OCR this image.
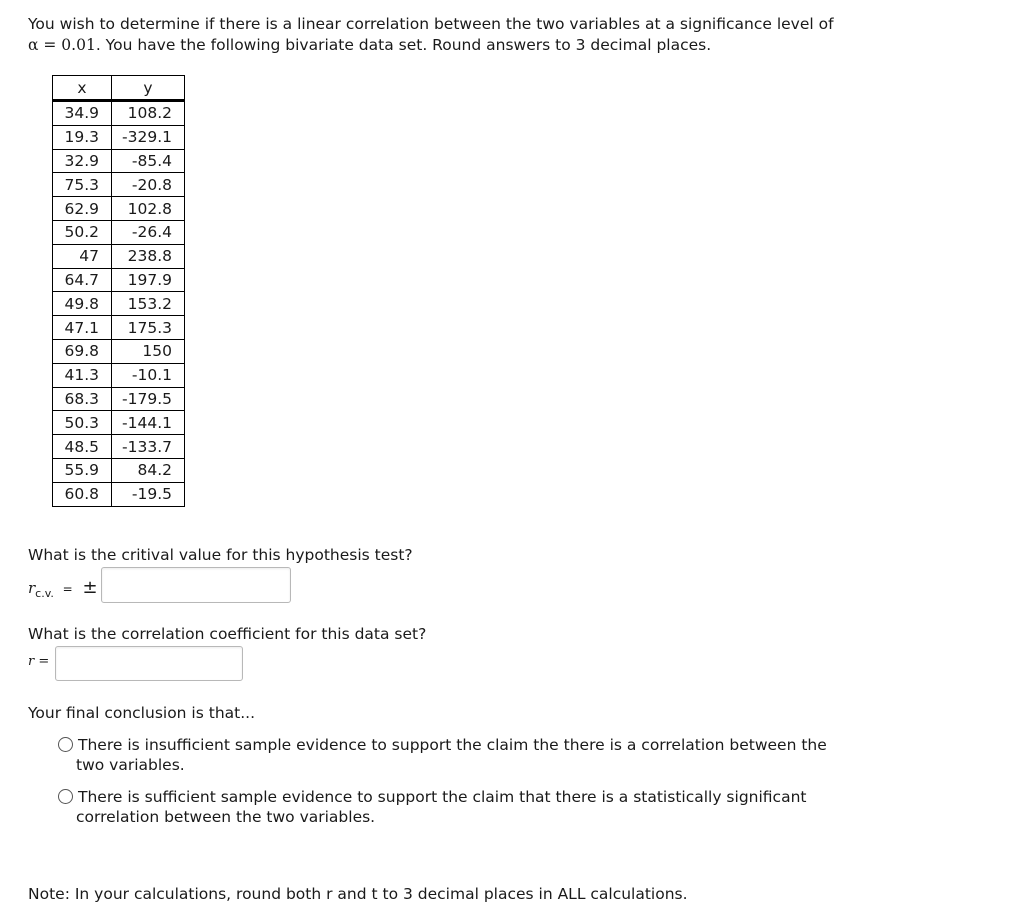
You wish to determine if there is a linear correlation between the two variables at a significance level of
α = 0.01. You have the following bivariate data set. Round answers to 3 decimal places.
x	y
34.9	108.2
19.3	-329.1
32.9	-85.4
75.3	-20.8
62.9	102.8
50.2	-26.4
47	238.8
64.7	197.9
49.8	153.2
47.1	175.3
69.8	150
41.3	-10.1
68.3	-179.5
50.3	-144.1
48.5	-133.7
55.9	84.2
60.8	-19.5
What is the critival value for this hypothesis test?
$r_{c.v.}$ = ±
What is the correlation coefficient for this data set?
r =
Your final conclusion is that...
There is insufficient sample evidence to support the claim the there is a correlation between the
two variables.
There is sufficient sample evidence to support the claim that there is a statistically significant
correlation between the two variables.
Note: In your calculations, round both r and t to 3 decimal places in ALL calculations.
